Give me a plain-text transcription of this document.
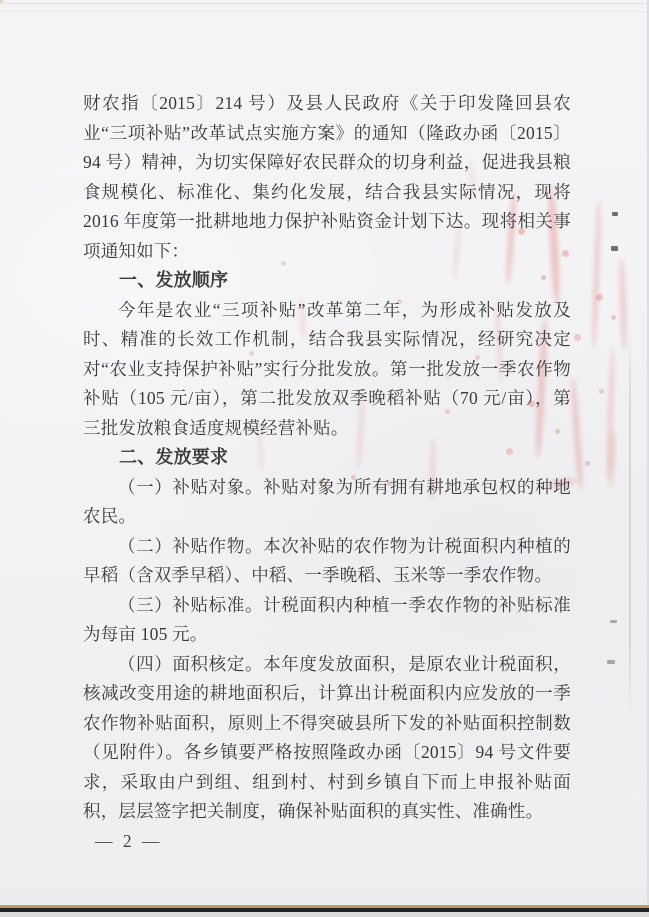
财农指〔2015〕214 号）及县人民政府《关于印发隆回县农业“三项补贴”改革试点实施方案》的通知（隆政办函〔2015〕94 号）精神，为切实保障好农民群众的切身利益，促进我县粮食规模化、标准化、集约化发展，结合我县实际情况，现将 2016 年度第一批耕地地力保护补贴资金计划下达。现将相关事项通知如下：

一、发放顺序

今年是农业“三项补贴”改革第二年，为形成补贴发放及时、精准的长效工作机制，结合我县实际情况，经研究决定对“农业支持保护补贴”实行分批发放。第一批发放一季农作物补贴（105 元/亩），第二批发放双季晚稻补贴（70 元/亩），第三批发放粮食适度规模经营补贴。

二、发放要求

（一）补贴对象。补贴对象为所有拥有耕地承包权的种地农民。

（二）补贴作物。本次补贴的农作物为计税面积内种植的早稻（含双季早稻）、中稻、一季晚稻、玉米等一季农作物。

（三）补贴标准。计税面积内种植一季农作物的补贴标准为每亩 105 元。

（四）面积核定。本年度发放面积，是原农业计税面积，核减改变用途的耕地面积后，计算出计税面积内应发放的一季农作物补贴面积，原则上不得突破县所下发的补贴面积控制数（见附件）。各乡镇要严格按照隆政办函〔2015〕94 号文件要求，采取由户到组、组到村、村到乡镇自下而上申报补贴面积，层层签字把关制度，确保补贴面积的真实性、准确性。

— 2 —
